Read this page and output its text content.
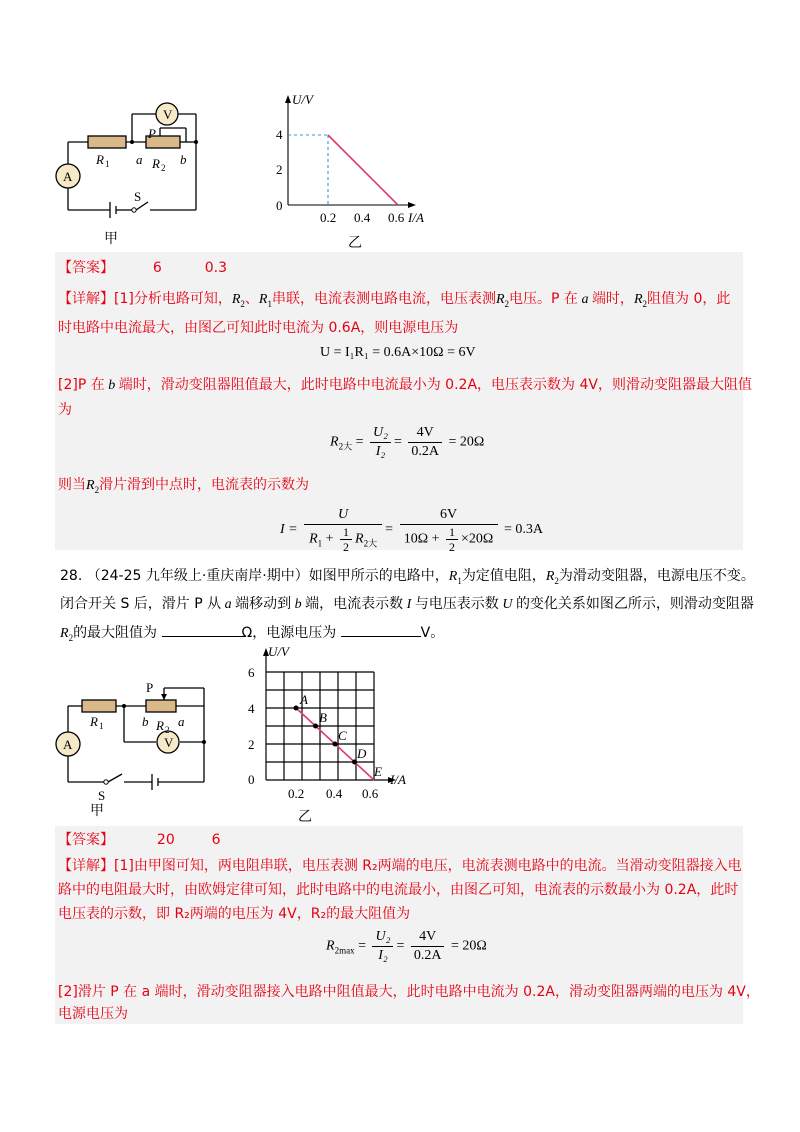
V
A
P
R 1	R 2
a	b
S
甲
U/V
4
2
0
0.2 0.4 0.6 I/A
乙
【答案】	6	0.3
【详解】[1]分析电路可知，$R_2$、$R_1$串联，电流表测电路电流，电压表测$R_2$电压。P 在 a 端时，$R_2$阻值为 0，此
时电路中电流最大，由图乙可知此时电流为 0.6A，则电源电压为
U = I₁R₁ = 0.6A×10Ω = 6V
[2]P 在 b 端时，滑动变阻器阻值最大，此时电路中电流最小为 0.2A，电压表示数为 4V，则滑动变阻器最大阻值
为
$R_{2大} = \frac{\text{U₂}}{\text{I₂}} = \frac{4V}{0.2A} = 20\Omega$
则当$R_2$滑片滑到中点时，电流表的示数为
$I = \frac{U}{R_1 + \frac{1}{2} R_{2大}} = \frac{6V}{10\Omega + \frac{1}{2} \times 20\Omega} = 0.3A$
28. （24-25 九年级上·重庆南岸·期中）如图甲所示的电路中，$R_1$为定值电阻，$R_2$为滑动变阻器，电源电压不变。
闭合开关 S 后，滑片 P 从 a 端移动到 b 端，电流表示数 I 与电压表示数 U 的变化关系如图乙所示，则滑动变阻器
$R_2$的最大阻值为	Ω，电源电压为	V。
P
R 1	R 2
b a
A	V
S
甲
U/V
6
4
2
0
0.2 0.4 0.6
I/A
A
B
C
D
E
乙
【答案】	20	6
【详解】[1]由甲图可知，两电阻串联，电压表测 R₂两端的电压，电流表测电路中的电流。当滑动变阻器接入电
路中的电阻最大时，由欧姆定律可知，此时电路中的电流最小，由图乙可知，电流表的示数最小为 0.2A，此时
电压表的示数，即 R₂两端的电压为 4V，R₂的最大阻值为
$R_{2max} = \frac{\text{U₂}}{\text{I₂}} = \frac{4V}{0.2A} = 20\Omega$
[2]滑片 P 在 a 端时，滑动变阻器接入电路中阻值最大，此时电路中电流为 0.2A，滑动变阻器两端的电压为 4V，
电源电压为
